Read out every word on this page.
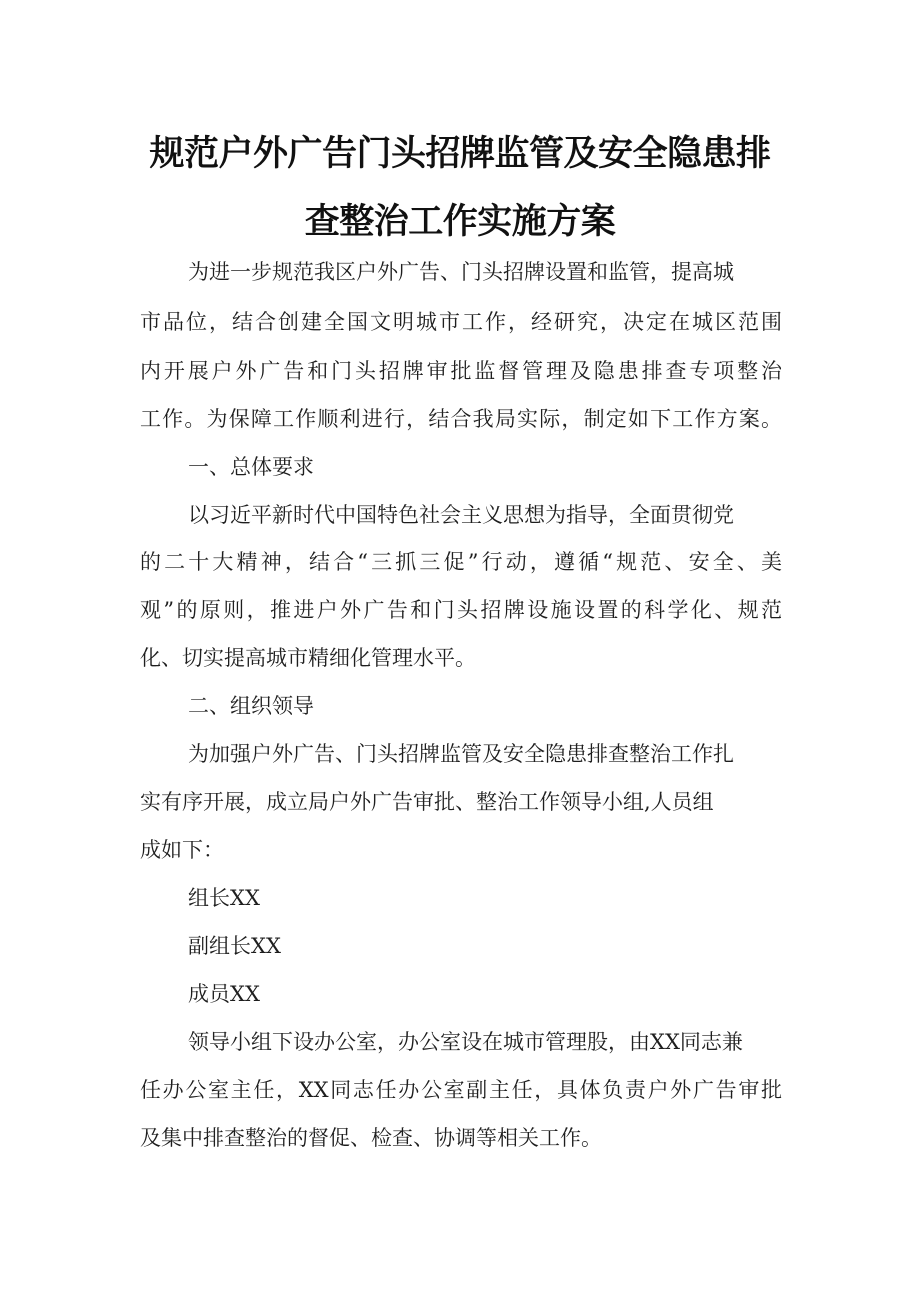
规范户外广告门头招牌监管及安全隐患排
查整治工作实施方案
为进一步规范我区户外广告、门头招牌设置和监管，提高城
市品位，结合创建全国文明城市工作，经研究，决定在城区范围
内开展户外广告和门头招牌审批监督管理及隐患排查专项整治
工作。为保障工作顺利进行，结合我局实际，制定如下工作方案。
一、总体要求
以习近平新时代中国特色社会主义思想为指导，全面贯彻党
的二十大精神，结合“三抓三促”行动，遵循“规范、安全、美
观”的原则，推进户外广告和门头招牌设施设置的科学化、规范
化、切实提高城市精细化管理水平。
二、组织领导
为加强户外广告、门头招牌监管及安全隐患排查整治工作扎
实有序开展，成立局户外广告审批、整治工作领导小组,人员组
成如下：
组长XX
副组长XX
成员XX
领导小组下设办公室，办公室设在城市管理股，由XX同志兼
任办公室主任，XX同志任办公室副主任，具体负责户外广告审批
及集中排查整治的督促、检查、协调等相关工作。
